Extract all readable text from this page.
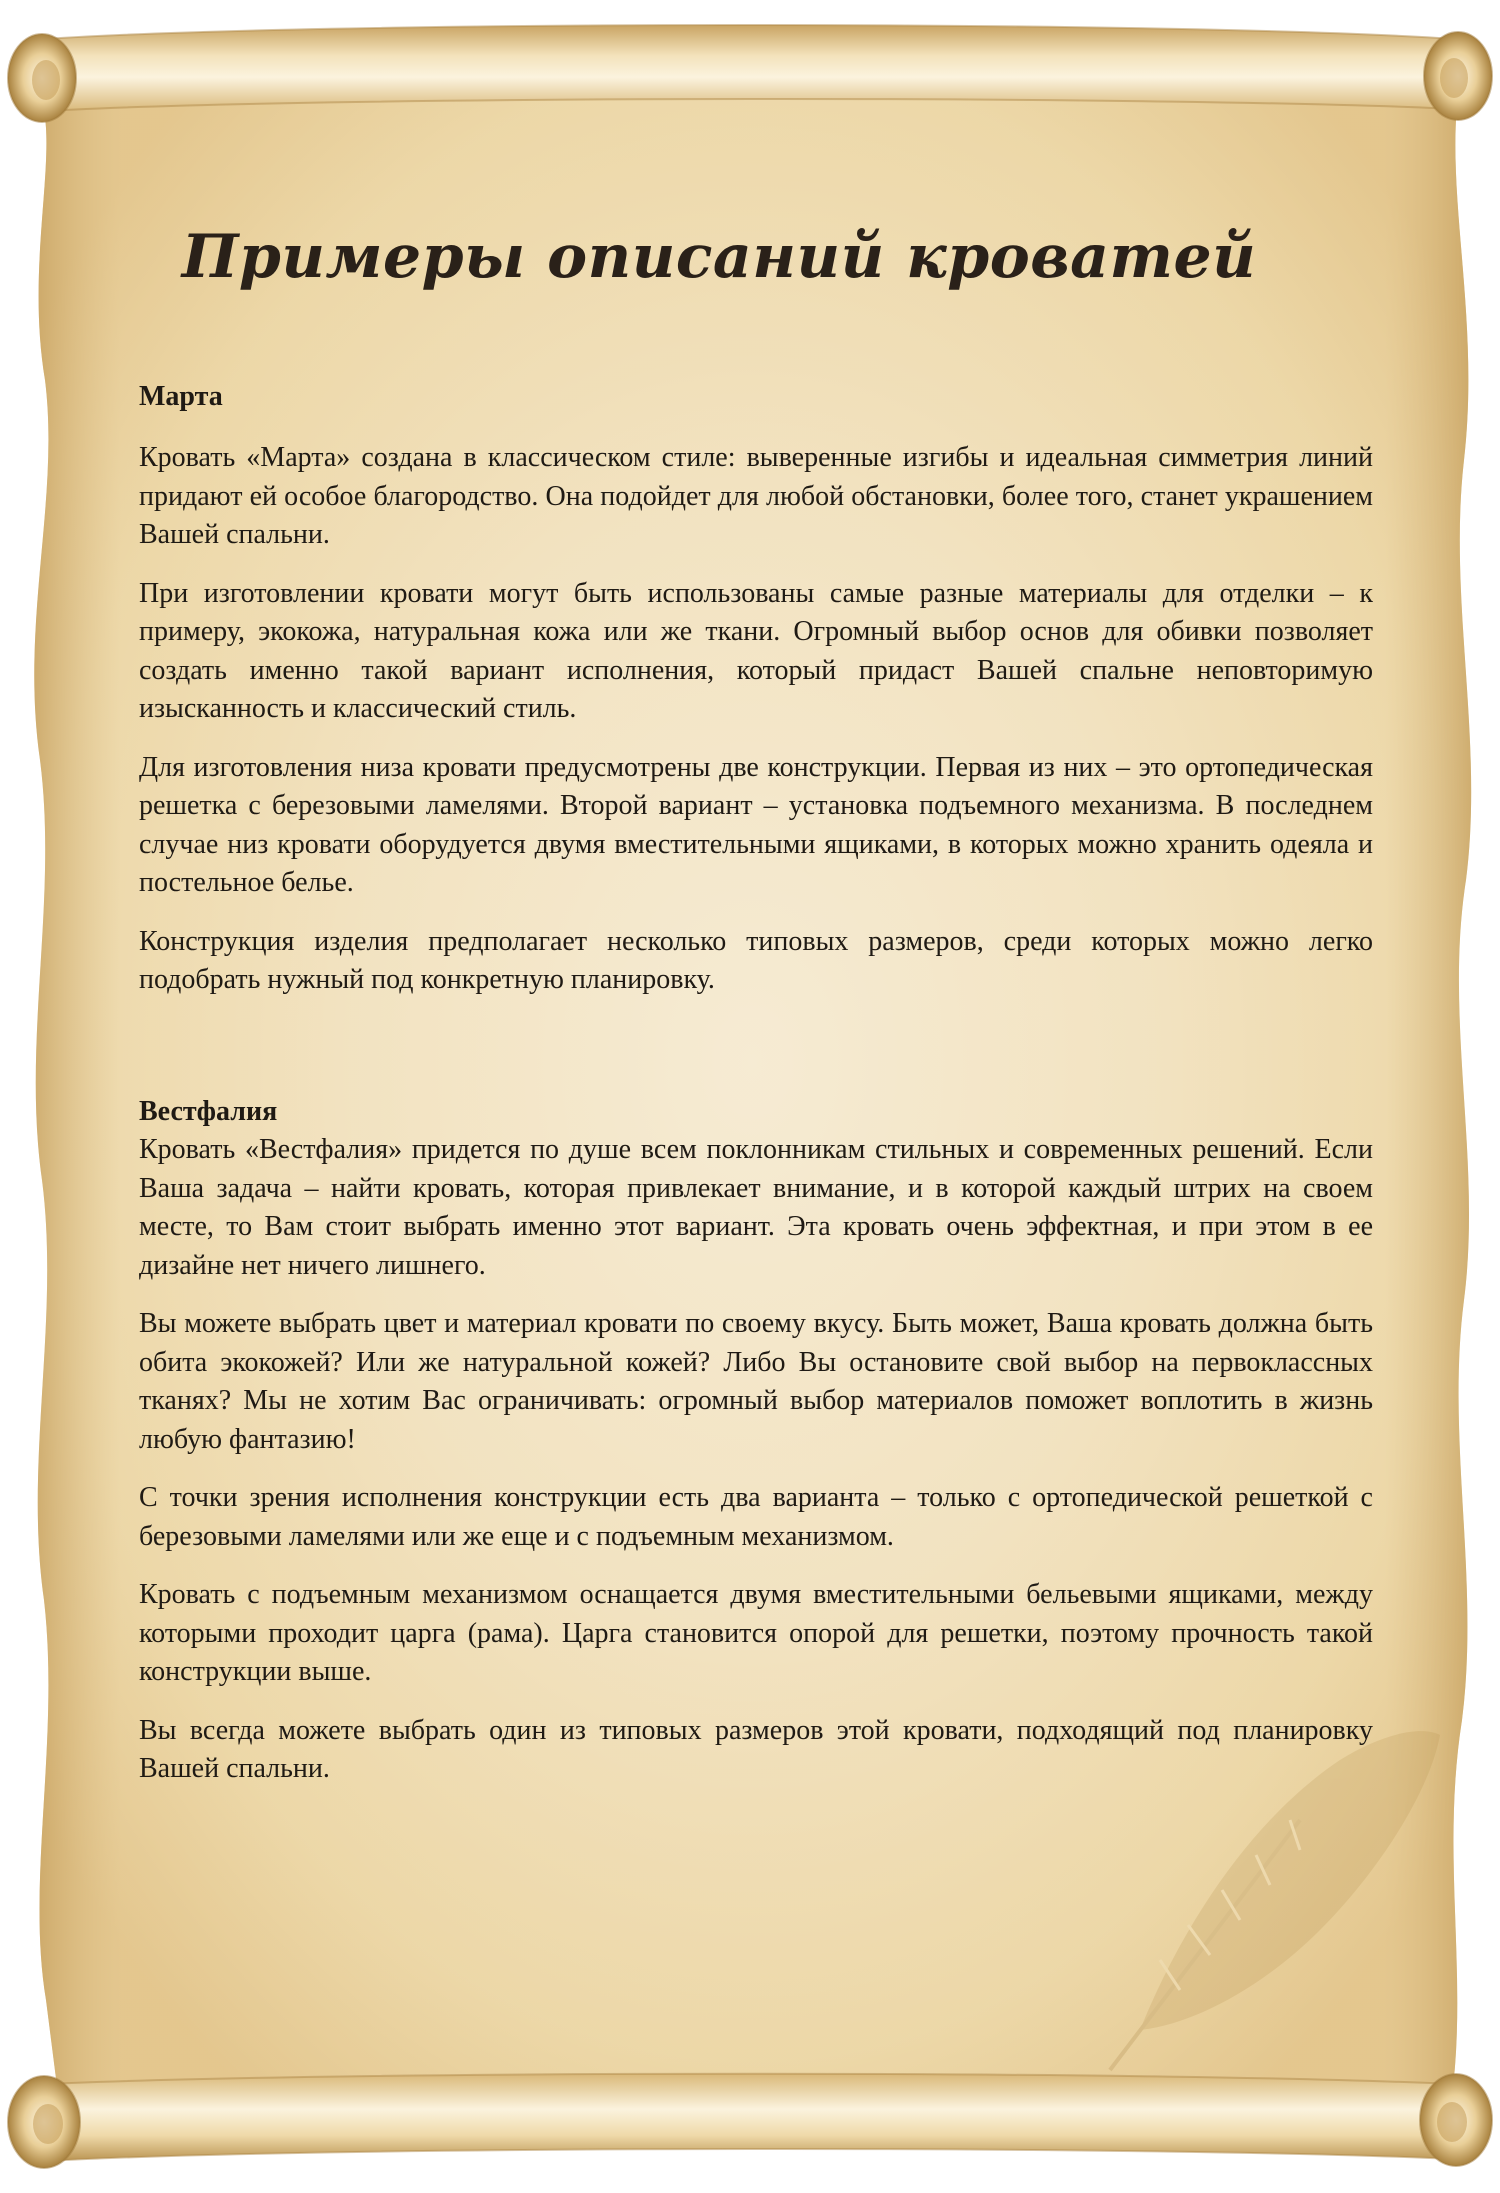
Примеры описаний кроватей

Марта

Кровать «Марта» создана в классическом стиле: выверенные изгибы и идеальная симметрия линий придают ей особое благородство. Она подойдет для любой обстановки, более того, станет украшением Вашей спальни.

При изготовлении кровати могут быть использованы самые разные материалы для отделки – к примеру, экокожа, натуральная кожа или же ткани. Огромный выбор основ для обивки позволяет создать именно такой вариант исполнения, который придаст Вашей спальне неповторимую изысканность и классический стиль.

Для изготовления низа кровати предусмотрены две конструкции. Первая из них – это ортопедическая решетка с березовыми ламелями. Второй вариант – установка подъемного механизма. В последнем случае низ кровати оборудуется двумя вместительными ящиками, в которых можно хранить одеяла и постельное белье.

Конструкция изделия предполагает несколько типовых размеров, среди которых можно легко подобрать нужный под конкретную планировку.

Вестфалия

Кровать «Вестфалия» придется по душе всем поклонникам стильных и современных решений. Если Ваша задача – найти кровать, которая привлекает внимание, и в которой каждый штрих на своем месте, то Вам стоит выбрать именно этот вариант. Эта кровать очень эффектная, и при этом в ее дизайне нет ничего лишнего.

Вы можете выбрать цвет и материал кровати по своему вкусу. Быть может, Ваша кровать должна быть обита экокожей? Или же натуральной кожей? Либо Вы остановите свой выбор на первоклассных тканях? Мы не хотим Вас ограничивать: огромный выбор материалов поможет воплотить в жизнь любую фантазию!

С точки зрения исполнения конструкции есть два варианта – только с ортопедической решеткой с березовыми ламелями или же еще и с подъемным механизмом.

Кровать с подъемным механизмом оснащается двумя вместительными бельевыми ящиками, между которыми проходит царга (рама). Царга становится опорой для решетки, поэтому прочность такой конструкции выше.

Вы всегда можете выбрать один из типовых размеров этой кровати, подходящий под планировку Вашей спальни.
